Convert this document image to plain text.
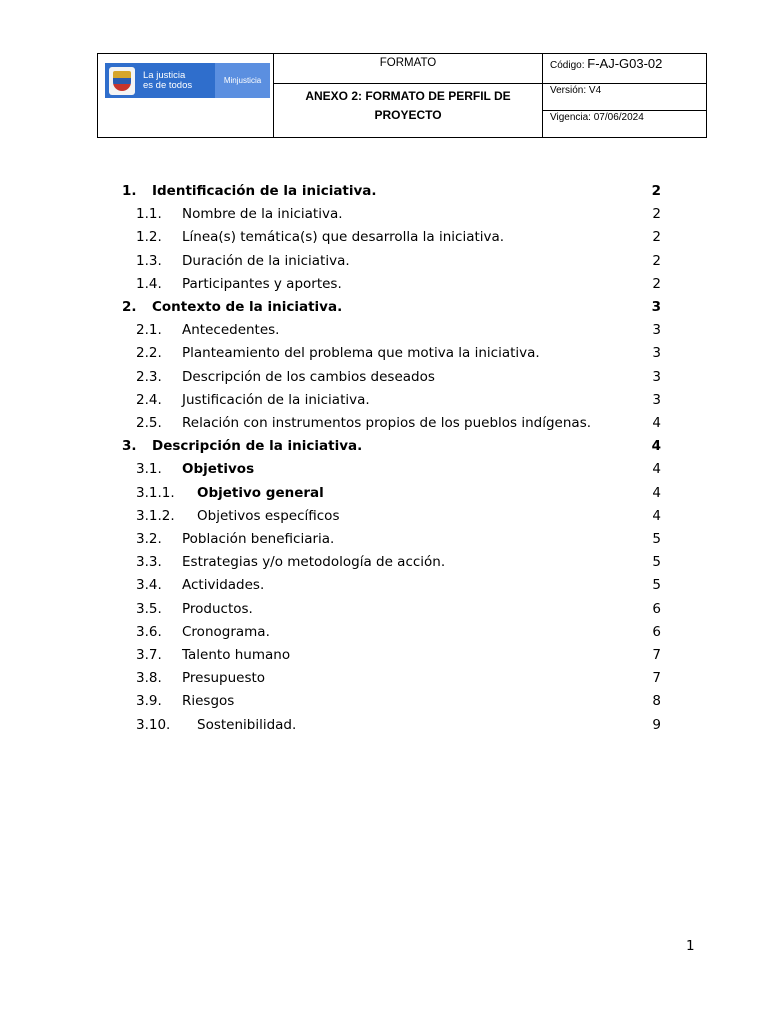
La justicia
es de todos	Minjusticia
FORMATO
ANEXO 2: FORMATO DE PERFIL DE PROYECTO
Código: F-AJ-G03-02
Versión: V4
Vigencia: 07/06/2024
1. Identificación de la iniciativa.	2
1.1. Nombre de la iniciativa.	2
1.2. Línea(s) temática(s) que desarrolla la iniciativa.	2
1.3. Duración de la iniciativa.	2
1.4. Participantes y aportes.	2
2. Contexto de la iniciativa.	3
2.1. Antecedentes.	3
2.2. Planteamiento del problema que motiva la iniciativa.	3
2.3. Descripción de los cambios deseados	3
2.4. Justificación de la iniciativa.	3
2.5. Relación con instrumentos propios de los pueblos indígenas.	4
3. Descripción de la iniciativa.	4
3.1. Objetivos	4
3.1.1. Objetivo general	4
3.1.2. Objetivos específicos	4
3.2. Población beneficiaria.	5
3.3. Estrategias y/o metodología de acción.	5
3.4. Actividades.	5
3.5. Productos.	6
3.6. Cronograma.	6
3.7. Talento humano	7
3.8. Presupuesto	7
3.9. Riesgos	8
3.10. Sostenibilidad.	9
1
